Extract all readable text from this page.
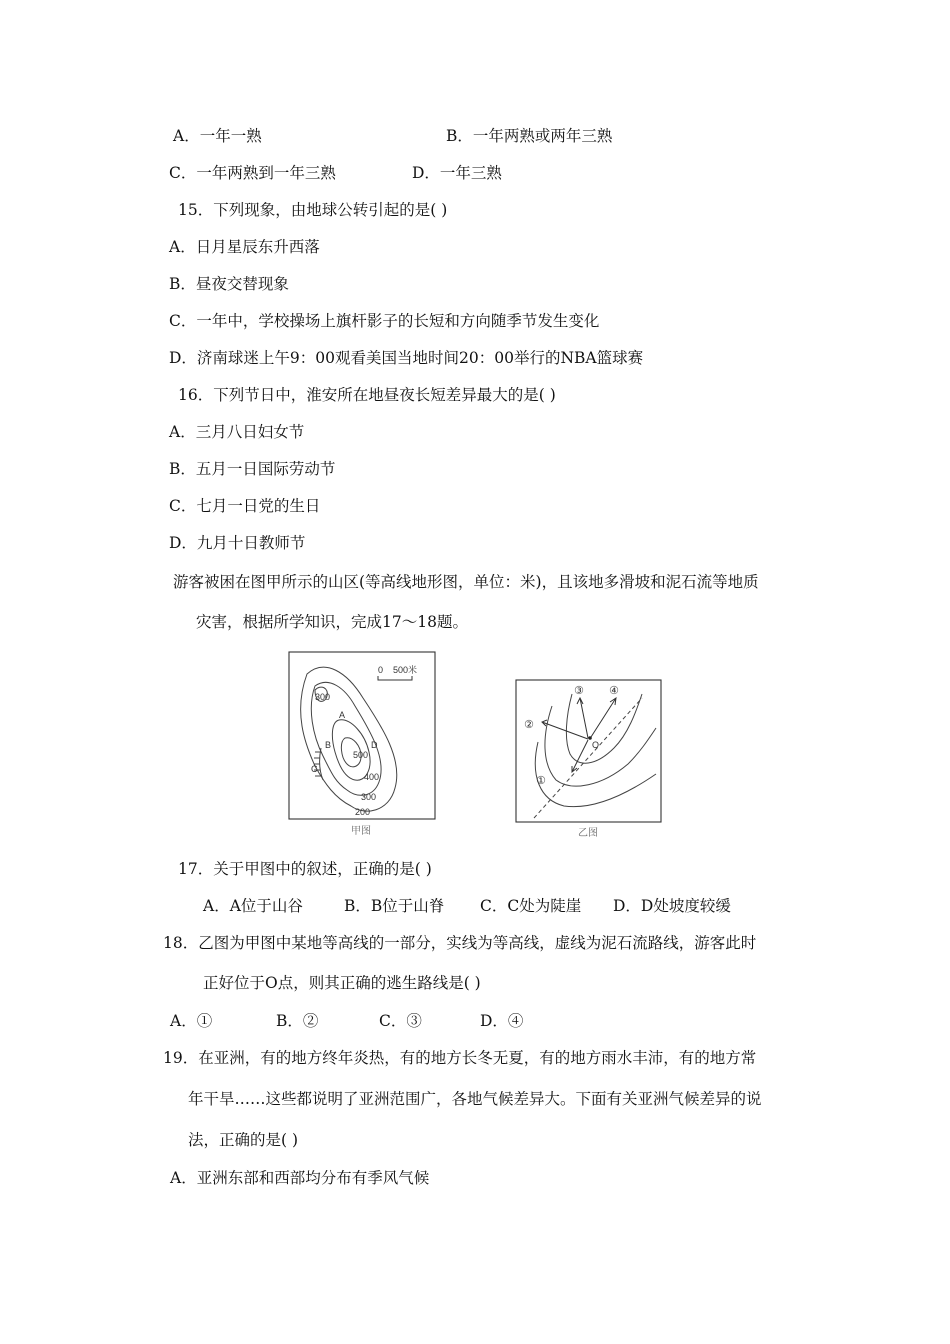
A．一年一熟	B．一年两熟或两年三熟
C．一年两熟到一年三熟	D．一年三熟
15．下列现象，由地球公转引起的是( )
A．日月星辰东升西落
B．昼夜交替现象
C．一年中，学校操场上旗杆影子的长短和方向随季节发生变化
D．济南球迷上午9：00观看美国当地时间20：00举行的NBA篮球赛
16．下列节日中，淮安所在地昼夜长短差异最大的是( )
A．三月八日妇女节
B．五月一日国际劳动节
C．七月一日党的生日
D．九月十日教师节
游客被困在图甲所示的山区(等高线地形图，单位：米)，且该地多滑坡和泥石流等地质
灾害，根据所学知识，完成17～18题。
0 500米
300
500
400
300
200
A
B
C
D
甲图
③ ④
②
①
O
乙图
17．关于甲图中的叙述，正确的是( )
A．A位于山谷	B．B位于山脊 C．C处为陡崖 D．D处坡度较缓
18．乙图为甲图中某地等高线的一部分，实线为等高线，虚线为泥石流路线，游客此时
正好位于O点，则其正确的逃生路线是( )
A．①	B．②	C．③	D．④
19．在亚洲，有的地方终年炎热，有的地方长冬无夏，有的地方雨水丰沛，有的地方常
年干旱……这些都说明了亚洲范围广，各地气候差异大。下面有关亚洲气候差异的说
法，正确的是( )
A．亚洲东部和西部均分布有季风气候
